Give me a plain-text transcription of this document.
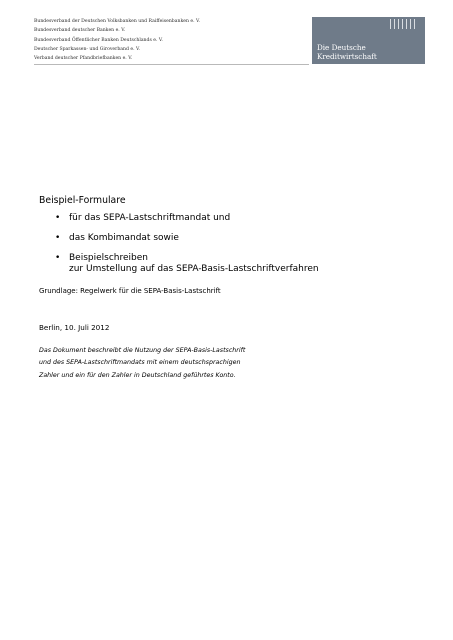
Bundesverband der Deutschen Volksbanken und Raiffeisenbanken e. V.
Bundesverband deutscher Banken e. V.
Bundesverband Öffentlicher Banken Deutschlands e. V.
Deutscher Sparkassen- und Giroverband e. V.
Verband deutscher Pfandbriefbanken e. V.
Die Deutsche
Kreditwirtschaft
Beispiel-Formulare
• für das SEPA-Lastschriftmandat und
• das Kombimandat sowie
• Beispielschreiben
zur Umstellung auf das SEPA-Basis-Lastschriftverfahren
Grundlage: Regelwerk für die SEPA-Basis-Lastschrift
Berlin, 10. Juli 2012
Das Dokument beschreibt die Nutzung der SEPA-Basis-Lastschrift
und des SEPA-Lastschriftmandats mit einem deutschsprachigen
Zahler und ein für den Zahler in Deutschland geführtes Konto.
